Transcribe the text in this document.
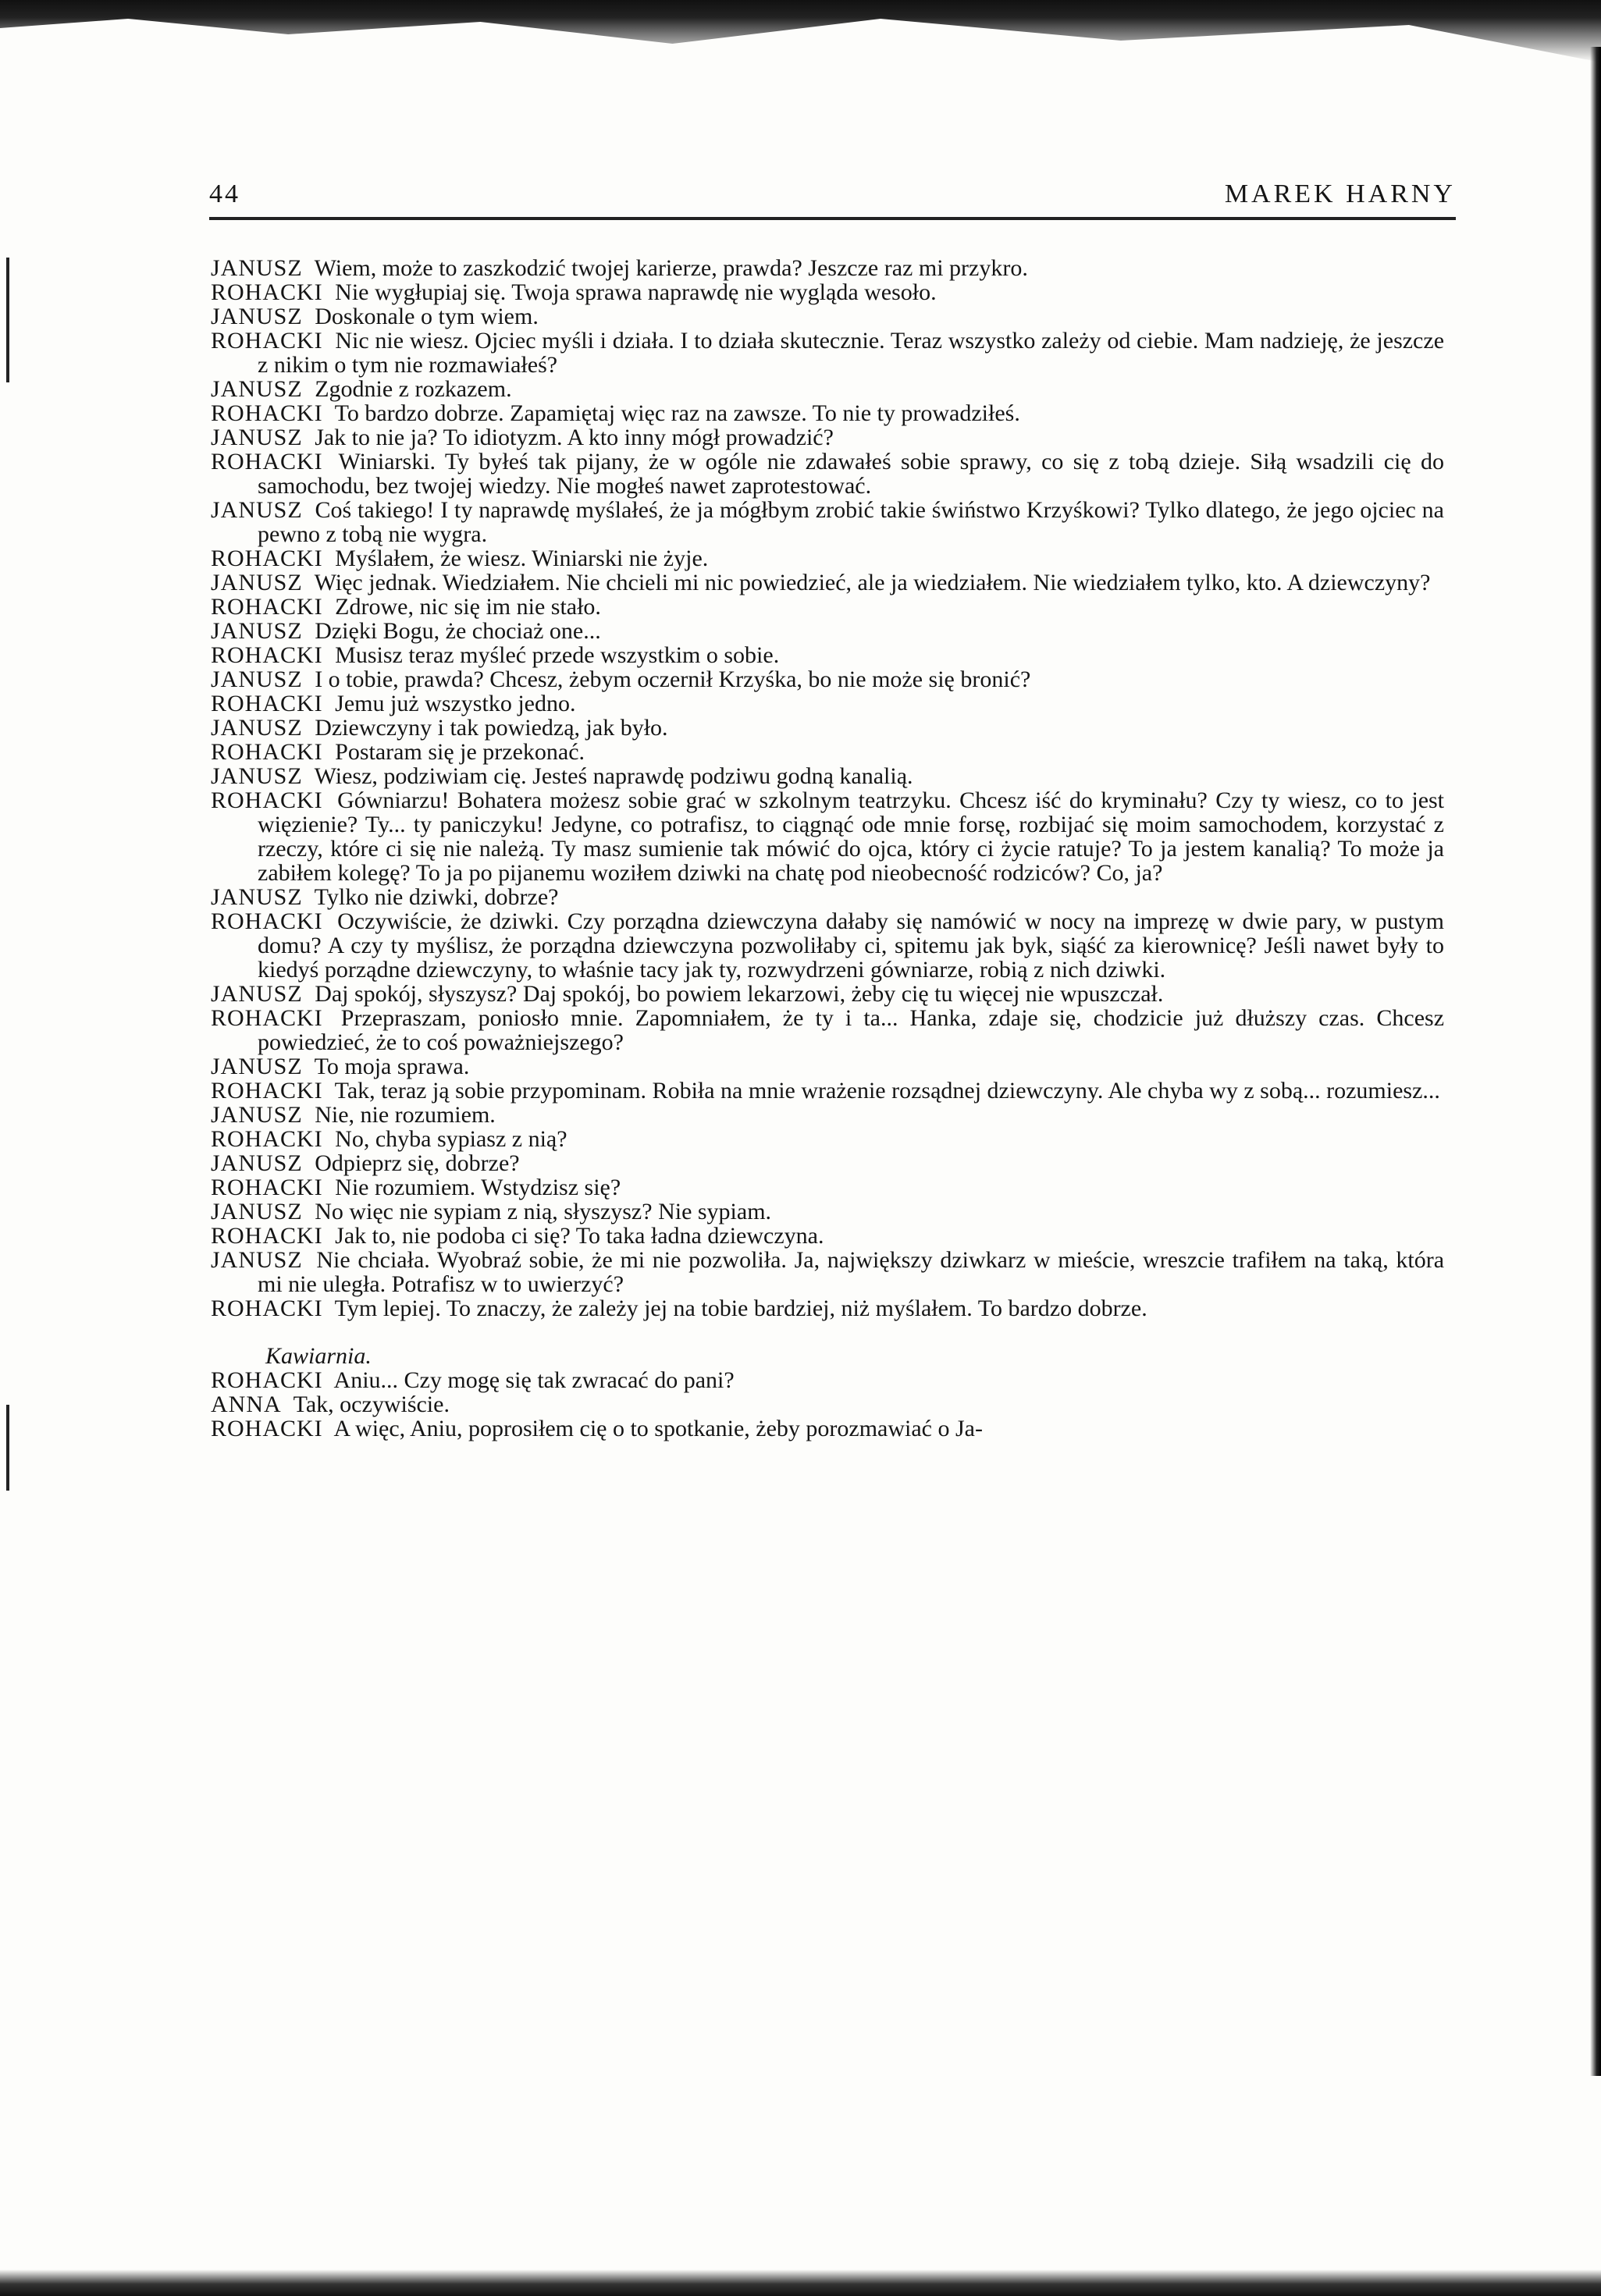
44	MAREK HARNY

JANUSZ Wiem, może to zaszkodzić twojej karierze, prawda? Jeszcze raz mi przykro.

ROHACKI Nie wygłupiaj się. Twoja sprawa naprawdę nie wygląda wesoło.

JANUSZ Doskonale o tym wiem.

ROHACKI Nic nie wiesz. Ojciec myśli i działa. I to działa skutecznie. Teraz wszystko zależy od ciebie. Mam nadzieję, że jeszcze z nikim o tym nie rozmawiałeś?

JANUSZ Zgodnie z rozkazem.

ROHACKI To bardzo dobrze. Zapamiętaj więc raz na zawsze. To nie ty prowadziłeś.

JANUSZ Jak to nie ja? To idiotyzm. A kto inny mógł prowadzić?

ROHACKI Winiarski. Ty byłeś tak pijany, że w ogóle nie zdawałeś sobie sprawy, co się z tobą dzieje. Siłą wsadzili cię do samochodu, bez twojej wiedzy. Nie mogłeś nawet zaprotestować.

JANUSZ Coś takiego! I ty naprawdę myślałeś, że ja mógłbym zrobić takie świństwo Krzyśkowi? Tylko dlatego, że jego ojciec na pewno z tobą nie wygra.

ROHACKI Myślałem, że wiesz. Winiarski nie żyje.

JANUSZ Więc jednak. Wiedziałem. Nie chcieli mi nic powiedzieć, ale ja wiedziałem. Nie wiedziałem tylko, kto. A dziewczyny?

ROHACKI Zdrowe, nic się im nie stało.

JANUSZ Dzięki Bogu, że chociaż one...

ROHACKI Musisz teraz myśleć przede wszystkim o sobie.

JANUSZ I o tobie, prawda? Chcesz, żebym oczernił Krzyśka, bo nie może się bronić?

ROHACKI Jemu już wszystko jedno.

JANUSZ Dziewczyny i tak powiedzą, jak było.

ROHACKI Postaram się je przekonać.

JANUSZ Wiesz, podziwiam cię. Jesteś naprawdę podziwu godną kanalią.

ROHACKI Gówniarzu! Bohatera możesz sobie grać w szkolnym teatrzyku. Chcesz iść do kryminału? Czy ty wiesz, co to jest więzienie? Ty... ty paniczyku! Jedyne, co potrafisz, to ciągnąć ode mnie forsę, rozbijać się moim samochodem, korzystać z rzeczy, które ci się nie należą. Ty masz sumienie tak mówić do ojca, który ci życie ratuje? To ja jestem kanalią? To może ja zabiłem kolegę? To ja po pijanemu woziłem dziwki na chatę pod nieobecność rodziców? Co, ja?

JANUSZ Tylko nie dziwki, dobrze?

ROHACKI Oczywiście, że dziwki. Czy porządna dziewczyna dałaby się namówić w nocy na imprezę w dwie pary, w pustym domu? A czy ty myślisz, że porządna dziewczyna pozwoliłaby ci, spitemu jak byk, siąść za kierownicę? Jeśli nawet były to kiedyś porządne dziewczyny, to właśnie tacy jak ty, rozwydrzeni gówniarze, robią z nich dziwki.

JANUSZ Daj spokój, słyszysz? Daj spokój, bo powiem lekarzowi, żeby cię tu więcej nie wpuszczał.

ROHACKI Przepraszam, poniosło mnie. Zapomniałem, że ty i ta... Hanka, zdaje się, chodzicie już dłuższy czas. Chcesz powiedzieć, że to coś poważniejszego?

JANUSZ To moja sprawa.

ROHACKI Tak, teraz ją sobie przypominam. Robiła na mnie wrażenie rozsądnej dziewczyny. Ale chyba wy z sobą... rozumiesz...

JANUSZ Nie, nie rozumiem.

ROHACKI No, chyba sypiasz z nią?

JANUSZ Odpieprz się, dobrze?

ROHACKI Nie rozumiem. Wstydzisz się?

JANUSZ No więc nie sypiam z nią, słyszysz? Nie sypiam.

ROHACKI Jak to, nie podoba ci się? To taka ładna dziewczyna.

JANUSZ Nie chciała. Wyobraź sobie, że mi nie pozwoliła. Ja, największy dziwkarz w mieście, wreszcie trafiłem na taką, która mi nie uległa. Potrafisz w to uwierzyć?

ROHACKI Tym lepiej. To znaczy, że zależy jej na tobie bardziej, niż myślałem. To bardzo dobrze.

Kawiarnia.

ROHACKI Aniu... Czy mogę się tak zwracać do pani?

ANNA Tak, oczywiście.

ROHACKI A więc, Aniu, poprosiłem cię o to spotkanie, żeby porozmawiać o Ja-
